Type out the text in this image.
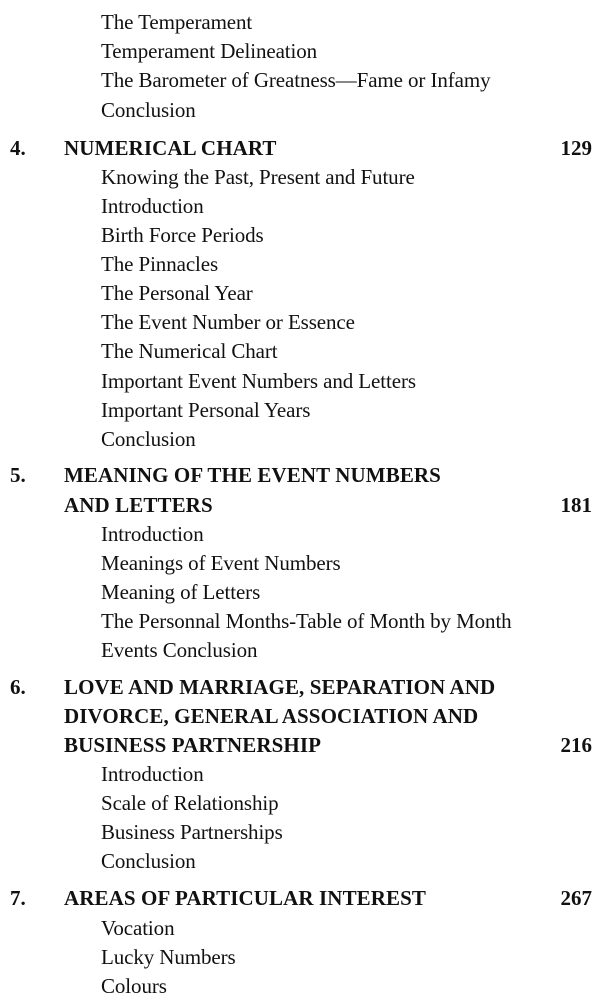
The Temperament
Temperament Delineation
The Barometer of Greatness—Fame or Infamy
Conclusion
4. NUMERICAL CHART	129
Knowing the Past, Present and Future
Introduction
Birth Force Periods
The Pinnacles
The Personal Year
The Event Number or Essence
The Numerical Chart
Important Event Numbers and Letters
Important Personal Years
Conclusion
5. MEANING OF THE EVENT NUMBERS
AND LETTERS	181
Introduction
Meanings of Event Numbers
Meaning of Letters
The Personnal Months-Table of Month by Month
Events Conclusion
6. LOVE AND MARRIAGE, SEPARATION AND
DIVORCE, GENERAL ASSOCIATION AND
BUSINESS PARTNERSHIP	216
Introduction
Scale of Relationship
Business Partnerships
Conclusion
7. AREAS OF PARTICULAR INTEREST	267
Vocation
Lucky Numbers
Colours
